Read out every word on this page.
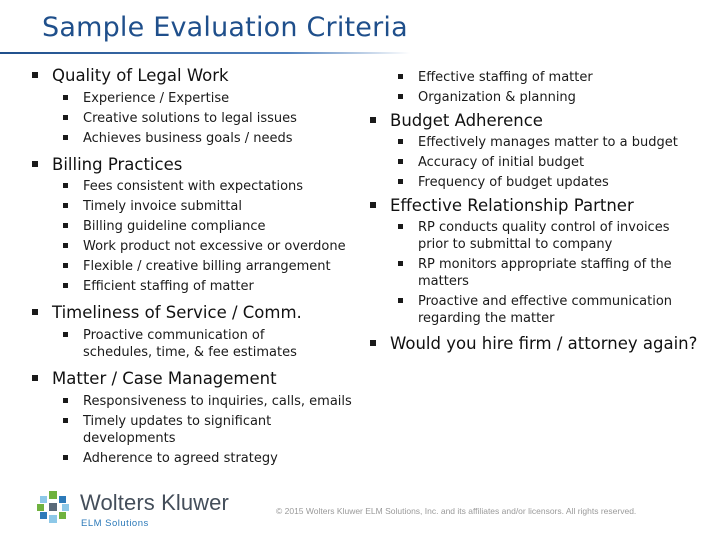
Sample Evaluation Criteria
Quality of Legal Work
Experience / Expertise
Creative solutions to legal issues
Achieves business goals / needs
Billing Practices
Fees consistent with expectations
Timely invoice submittal
Billing guideline compliance
Work product not excessive or overdone
Flexible / creative billing arrangement
Efficient staffing of matter
Timeliness of Service / Comm.
Proactive communication of schedules, time, & fee estimates
Matter / Case Management
Responsiveness to inquiries, calls, emails
Timely updates to significant developments
Adherence to agreed strategy
Effective staffing of matter
Organization & planning
Budget Adherence
Effectively manages matter to a budget
Accuracy of initial budget
Frequency of budget updates
Effective Relationship Partner
RP conducts quality control of invoices prior to submittal to company
RP monitors appropriate staffing of the matters
Proactive and effective communication regarding the matter
Would you hire firm / attorney again?
Wolters Kluwer
ELM Solutions
© 2015 Wolters Kluwer ELM Solutions, Inc. and its affiliates and/or licensors. All rights reserved.
